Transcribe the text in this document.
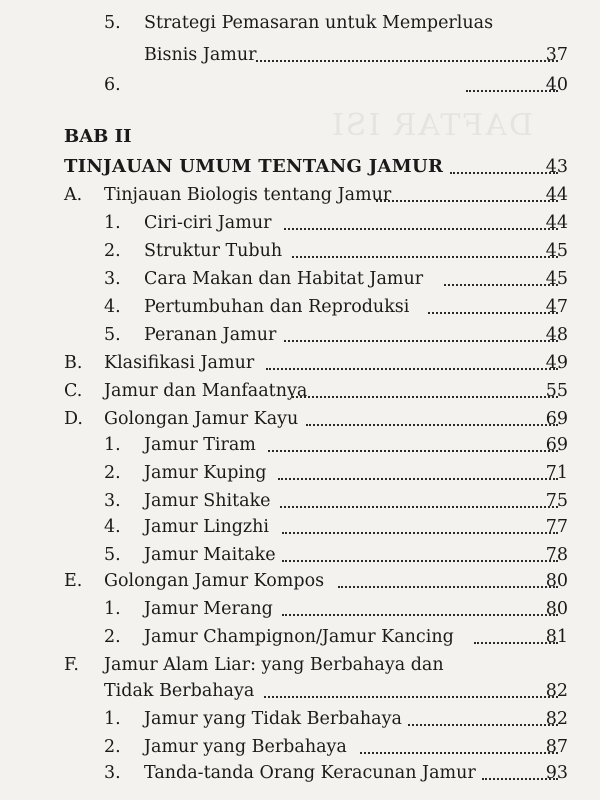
DAFTAR ISI
5. Strategi Pemasaran untuk Memperluas
Bisnis Jamur	37
6.	40
BAB II
TINJAUAN UMUM TENTANG JAMUR	43
A. Tinjauan Biologis tentang Jamur	44
1. Ciri-ciri Jamur	44
2. Struktur Tubuh	45
3. Cara Makan dan Habitat Jamur	45
4. Pertumbuhan dan Reproduksi	47
5. Peranan Jamur	48
B. Klasifikasi Jamur	49
C. Jamur dan Manfaatnya	55
D. Golongan Jamur Kayu	69
1. Jamur Tiram	69
2. Jamur Kuping	71
3. Jamur Shitake	75
4. Jamur Lingzhi	77
5. Jamur Maitake	78
E. Golongan Jamur Kompos	80
1. Jamur Merang	80
2. Jamur Champignon/Jamur Kancing	81
F. Jamur Alam Liar: yang Berbahaya dan
Tidak Berbahaya	82
1. Jamur yang Tidak Berbahaya	82
2. Jamur yang Berbahaya	87
3. Tanda-tanda Orang Keracunan Jamur	93
